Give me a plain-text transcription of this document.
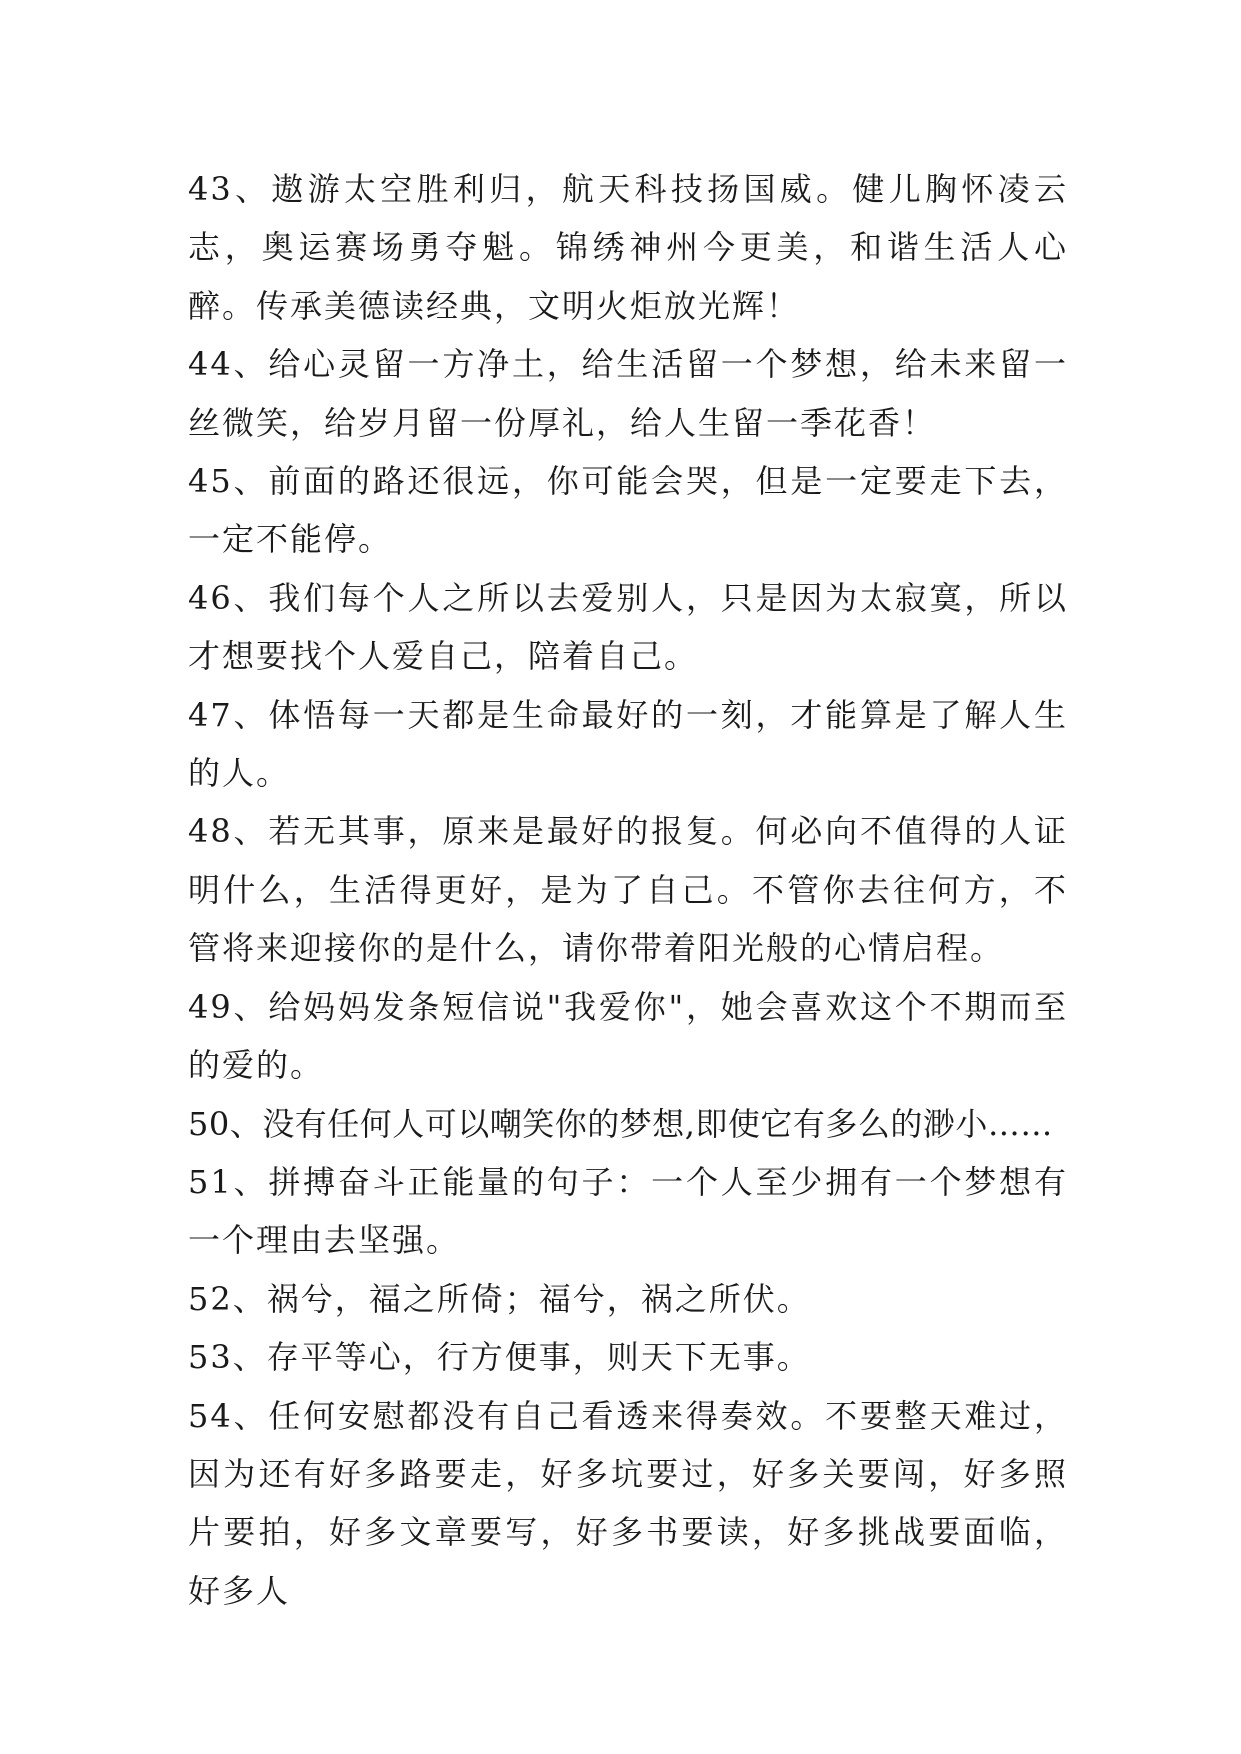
43、遨游太空胜利归，航天科技扬国威。健儿胸怀凌云志，奥运赛场勇夺魁。锦绣神州今更美，和谐生活人心醉。传承美德读经典，文明火炬放光辉！

44、给心灵留一方净土，给生活留一个梦想，给未来留一丝微笑，给岁月留一份厚礼，给人生留一季花香！

45、前面的路还很远，你可能会哭，但是一定要走下去，一定不能停。

46、我们每个人之所以去爱别人，只是因为太寂寞，所以才想要找个人爱自己，陪着自己。

47、体悟每一天都是生命最好的一刻，才能算是了解人生的人。

48、若无其事，原来是最好的报复。何必向不值得的人证明什么，生活得更好，是为了自己。不管你去往何方，不管将来迎接你的是什么，请你带着阳光般的心情启程。

49、给妈妈发条短信说"我爱你"，她会喜欢这个不期而至的爱的。

50、没有任何人可以嘲笑你的梦想,即使它有多么的渺小……

51、拼搏奋斗正能量的句子：一个人至少拥有一个梦想有一个理由去坚强。

52、祸兮，福之所倚；福兮，祸之所伏。

53、存平等心，行方便事，则天下无事。

54、任何安慰都没有自己看透来得奏效。不要整天难过，因为还有好多路要走，好多坑要过，好多关要闯，好多照片要拍，好多文章要写，好多书要读，好多挑战要面临，好多人
